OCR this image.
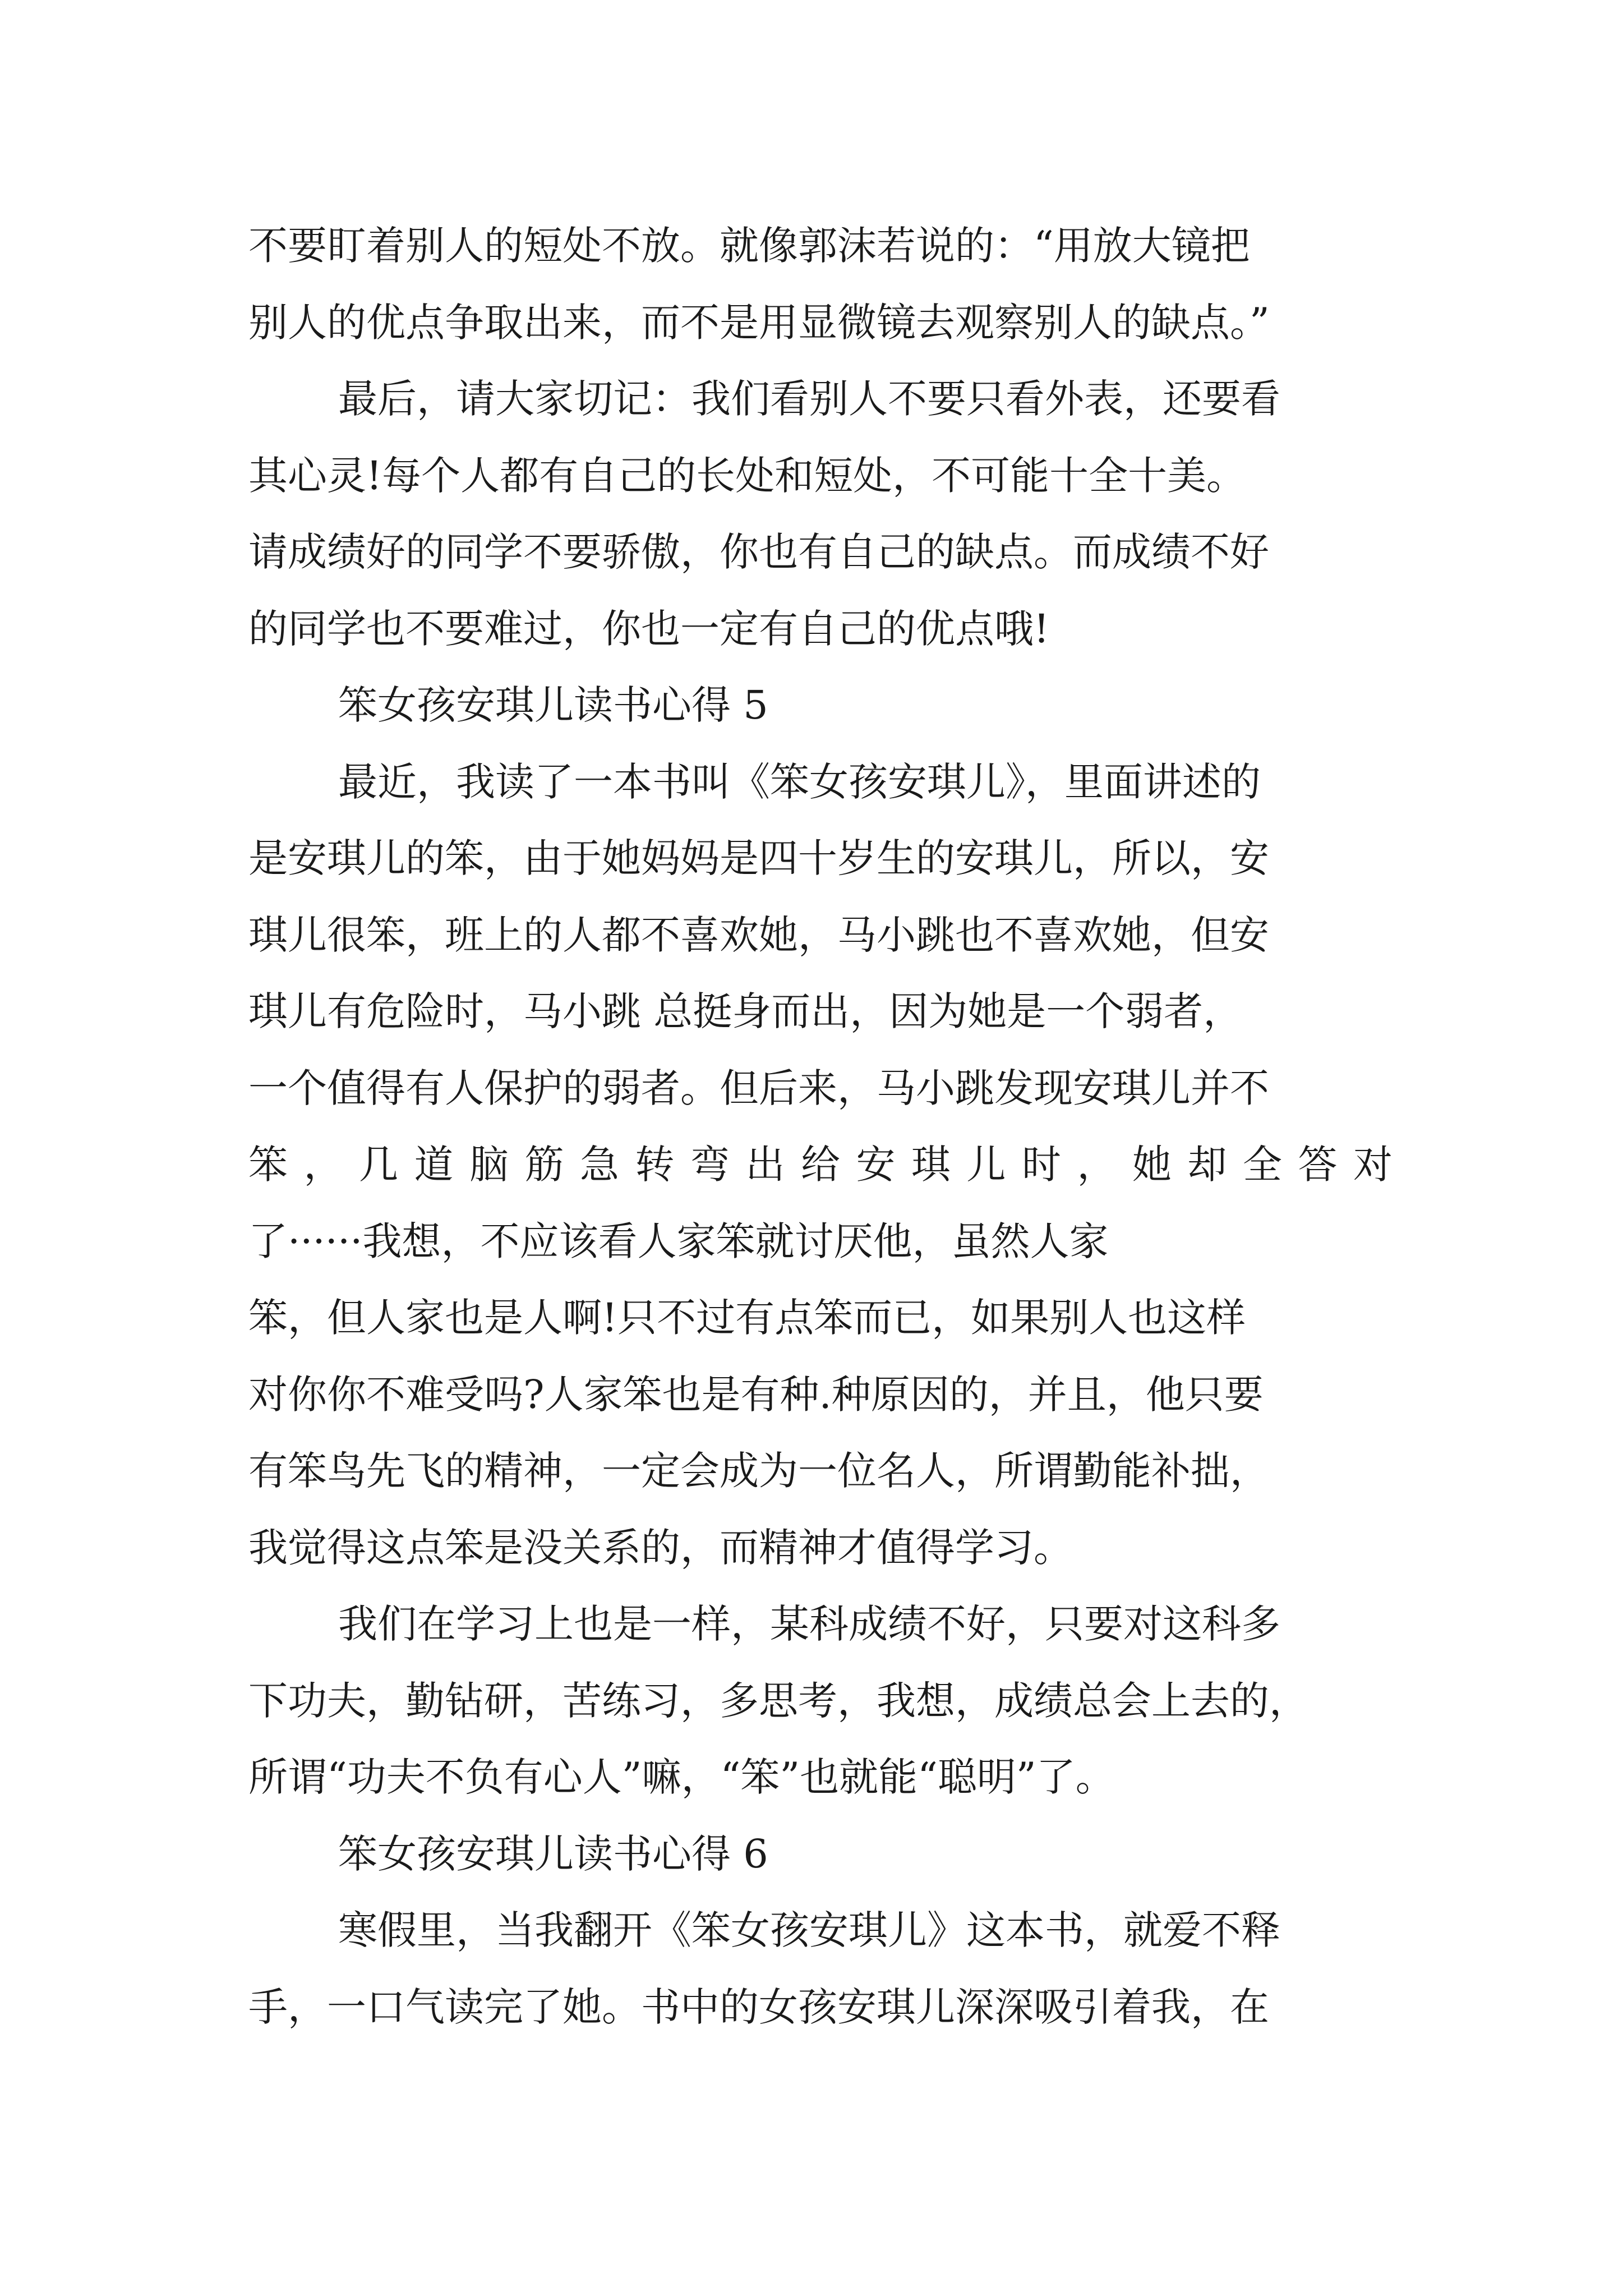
不要盯着别人的短处不放。就像郭沫若说的：“用放大镜把
别人的优点争取出来，而不是用显微镜去观察别人的缺点。”
最后，请大家切记：我们看别人不要只看外表，还要看
其心灵!每个人都有自己的长处和短处，不可能十全十美。
请成绩好的同学不要骄傲，你也有自己的缺点。而成绩不好
的同学也不要难过，你也一定有自己的优点哦!
笨女孩安琪儿读书心得 5
最近，我读了一本书叫《笨女孩安琪儿》，里面讲述的
是安琪儿的笨，由于她妈妈是四十岁生的安琪儿，所以，安
琪儿很笨，班上的人都不喜欢她，马小跳也不喜欢她，但安
琪儿有危险时，马小跳 总挺身而出，因为她是一个弱者，
一个值得有人保护的弱者。但后来，马小跳发现安琪儿并不
笨，几道脑筋急转弯出给安琪儿时，她却全答对
了······我想，不应该看人家笨就讨厌他，虽然人家
笨，但人家也是人啊!只不过有点笨而已，如果别人也这样
对你你不难受吗?人家笨也是有种.种原因的，并且，他只要
有笨鸟先飞的精神，一定会成为一位名人，所谓勤能补拙，
我觉得这点笨是没关系的，而精神才值得学习。
我们在学习上也是一样，某科成绩不好，只要对这科多
下功夫，勤钻研，苦练习，多思考，我想，成绩总会上去的，
所谓“功夫不负有心人”嘛，“笨”也就能“聪明”了。
笨女孩安琪儿读书心得 6
寒假里，当我翻开《笨女孩安琪儿》这本书，就爱不释
手，一口气读完了她。书中的女孩安琪儿深深吸引着我，在
